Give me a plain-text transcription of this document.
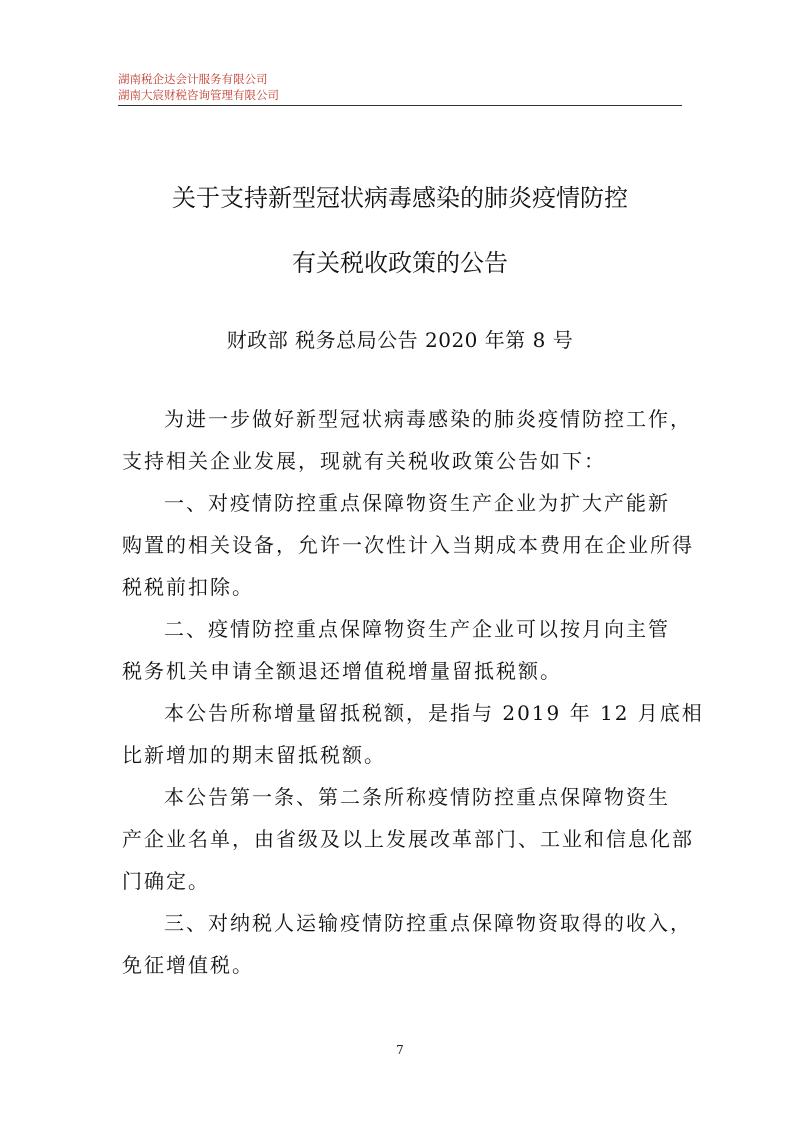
湖南税企达会计服务有限公司
湖南大宸财税咨询管理有限公司
关于支持新型冠状病毒感染的肺炎疫情防控
有关税收政策的公告
财政部 税务总局公告 2020 年第 8 号

为进一步做好新型冠状病毒感染的肺炎疫情防控工作，
支持相关企业发展，现就有关税收政策公告如下：

一、对疫情防控重点保障物资生产企业为扩大产能新
购置的相关设备，允许一次性计入当期成本费用在企业所得
税税前扣除。

二、疫情防控重点保障物资生产企业可以按月向主管
税务机关申请全额退还增值税增量留抵税额。

本公告所称增量留抵税额，是指与 2019 年 12 月底相
比新增加的期末留抵税额。

本公告第一条、第二条所称疫情防控重点保障物资生
产企业名单，由省级及以上发展改革部门、工业和信息化部
门确定。

三、对纳税人运输疫情防控重点保障物资取得的收入，
免征增值税。

7
